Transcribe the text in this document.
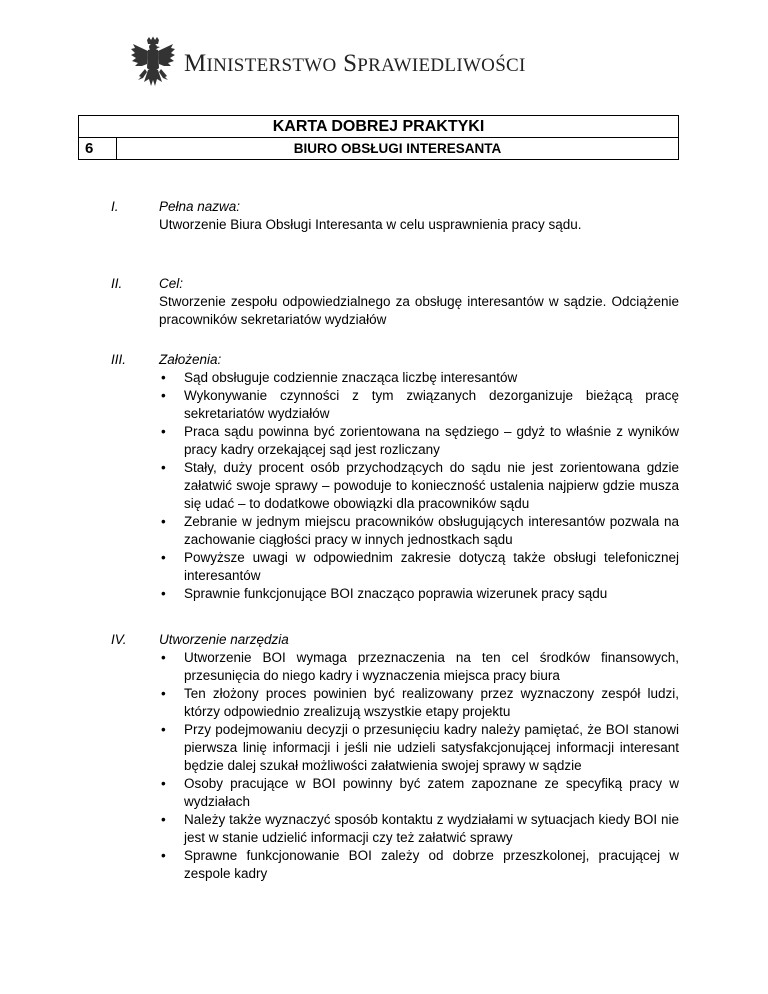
MINISTERSTWO SPRAWIEDLIWOŚCI
KARTA DOBREJ PRAKTYKI
6	BIURO OBSŁUGI INTERESANTA
I.	Pełna nazwa:
Utworzenie Biura Obsługi Interesanta w celu usprawnienia pracy sądu.
II.	Cel:
Stworzenie zespołu odpowiedzialnego za obsługę interesantów w sądzie. Odciążenie pracowników sekretariatów wydziałów
III. Założenia:
• Sąd obsługuje codziennie znacząca liczbę interesantów
• Wykonywanie czynności z tym związanych dezorganizuje bieżącą pracę sekretariatów wydziałów
• Praca sądu powinna być zorientowana na sędziego – gdyż to właśnie z wyników pracy kadry orzekającej sąd jest rozliczany
• Stały, duży procent osób przychodzących do sądu nie jest zorientowana gdzie załatwić swoje sprawy – powoduje to konieczność ustalenia najpierw gdzie musza się udać – to dodatkowe obowiązki dla pracowników sądu
• Zebranie w jednym miejscu pracowników obsługujących interesantów pozwala na zachowanie ciągłości pracy w innych jednostkach sądu
• Powyższe uwagi w odpowiednim zakresie dotyczą także obsługi telefonicznej interesantów
• Sprawnie funkcjonujące BOI znacząco poprawia wizerunek pracy sądu
IV. Utworzenie narzędzia
• Utworzenie BOI wymaga przeznaczenia na ten cel środków finansowych, przesunięcia do niego kadry i wyznaczenia miejsca pracy biura
• Ten złożony proces powinien być realizowany przez wyznaczony zespół ludzi, którzy odpowiednio zrealizują wszystkie etapy projektu
• Przy podejmowaniu decyzji o przesunięciu kadry należy pamiętać, że BOI stanowi pierwsza linię informacji i jeśli nie udzieli satysfakcjonującej informacji interesant będzie dalej szukał możliwości załatwienia swojej sprawy w sądzie
• Osoby pracujące w BOI powinny być zatem zapoznane ze specyfiką pracy w wydziałach
• Należy także wyznaczyć sposób kontaktu z wydziałami w sytuacjach kiedy BOI nie jest w stanie udzielić informacji czy też załatwić sprawy
• Sprawne funkcjonowanie BOI zależy od dobrze przeszkolonej, pracującej w zespole kadry
